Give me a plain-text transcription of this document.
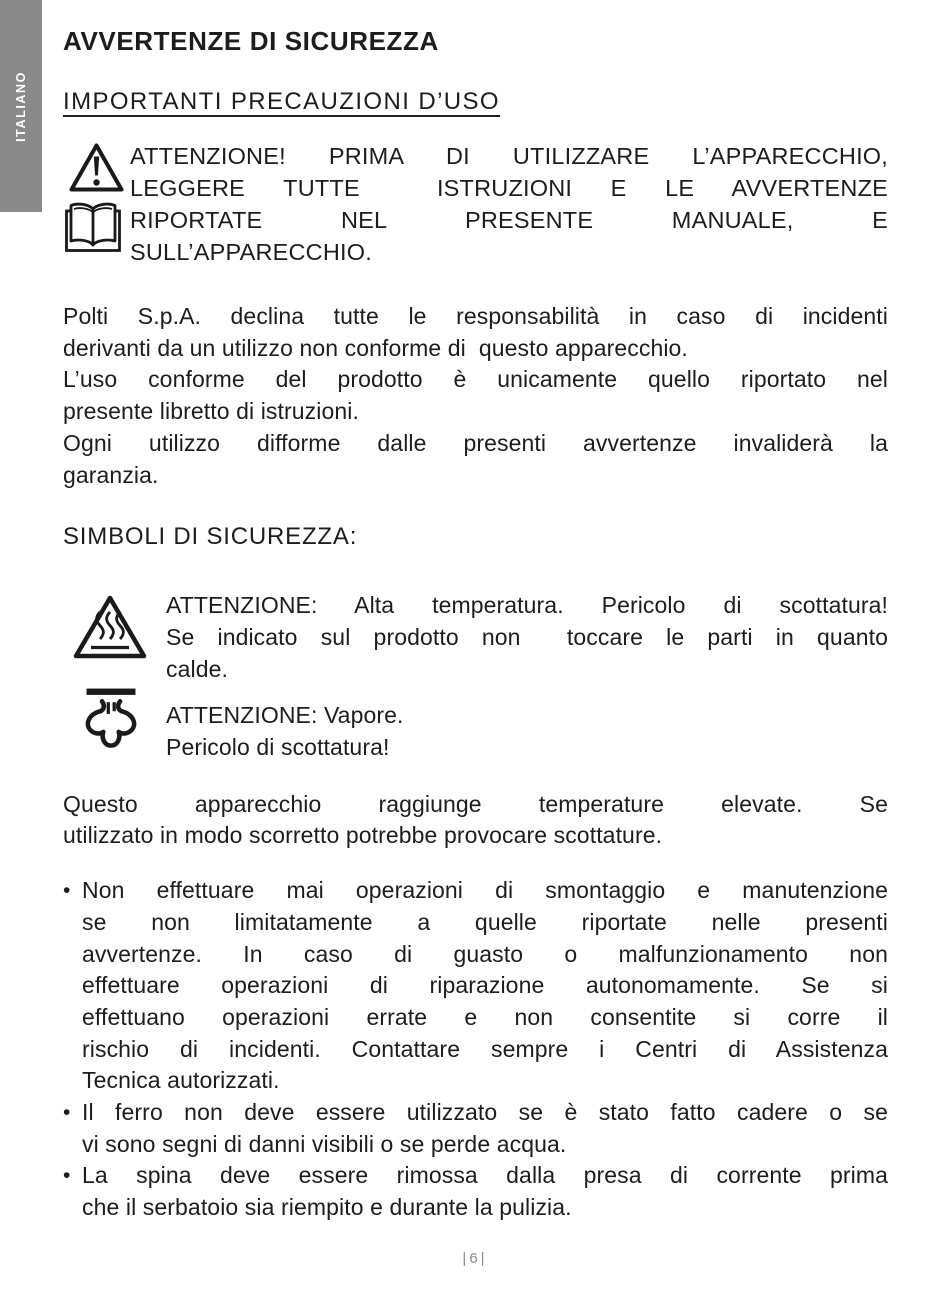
ITALIANO
AVVERTENZE DI SICUREZZA
IMPORTANTI PRECAUZIONI D’USO
ATTENZIONE! PRIMA DI UTILIZZARE L’APPARECCHIO,
LEGGERE TUTTE  ISTRUZIONI E LE AVVERTENZE
RIPORTATE NEL PRESENTE MANUALE, E
SULL’APPARECCHIO.
Polti S.p.A. declina tutte le responsabilità in caso di incidenti
derivanti da un utilizzo non conforme di  questo apparecchio.
L’uso conforme del prodotto è unicamente quello riportato nel
presente libretto di istruzioni.
Ogni utilizzo difforme dalle presenti avvertenze invaliderà la
garanzia.
SIMBOLI DI SICUREZZA:
ATTENZIONE: Alta temperatura. Pericolo di scottatura!
Se indicato sul prodotto non  toccare le parti in quanto
calde.
ATTENZIONE: Vapore.
Pericolo di scottatura!
Questo apparecchio raggiunge temperature elevate. Se
utilizzato in modo scorretto potrebbe provocare scottature.
• Non effettuare mai operazioni di smontaggio e manutenzione
se non limitatamente a quelle riportate nelle presenti
avvertenze. In caso di guasto o malfunzionamento non
effettuare operazioni di riparazione autonomamente. Se si
effettuano operazioni errate e non consentite si corre il
rischio di incidenti. Contattare sempre i Centri di Assistenza
Tecnica autorizzati.
• Il ferro non deve essere utilizzato se è stato fatto cadere o se
vi sono segni di danni visibili o se perde acqua.
• La spina deve essere rimossa dalla presa di corrente prima
che il serbatoio sia riempito e durante la pulizia.
|6|
